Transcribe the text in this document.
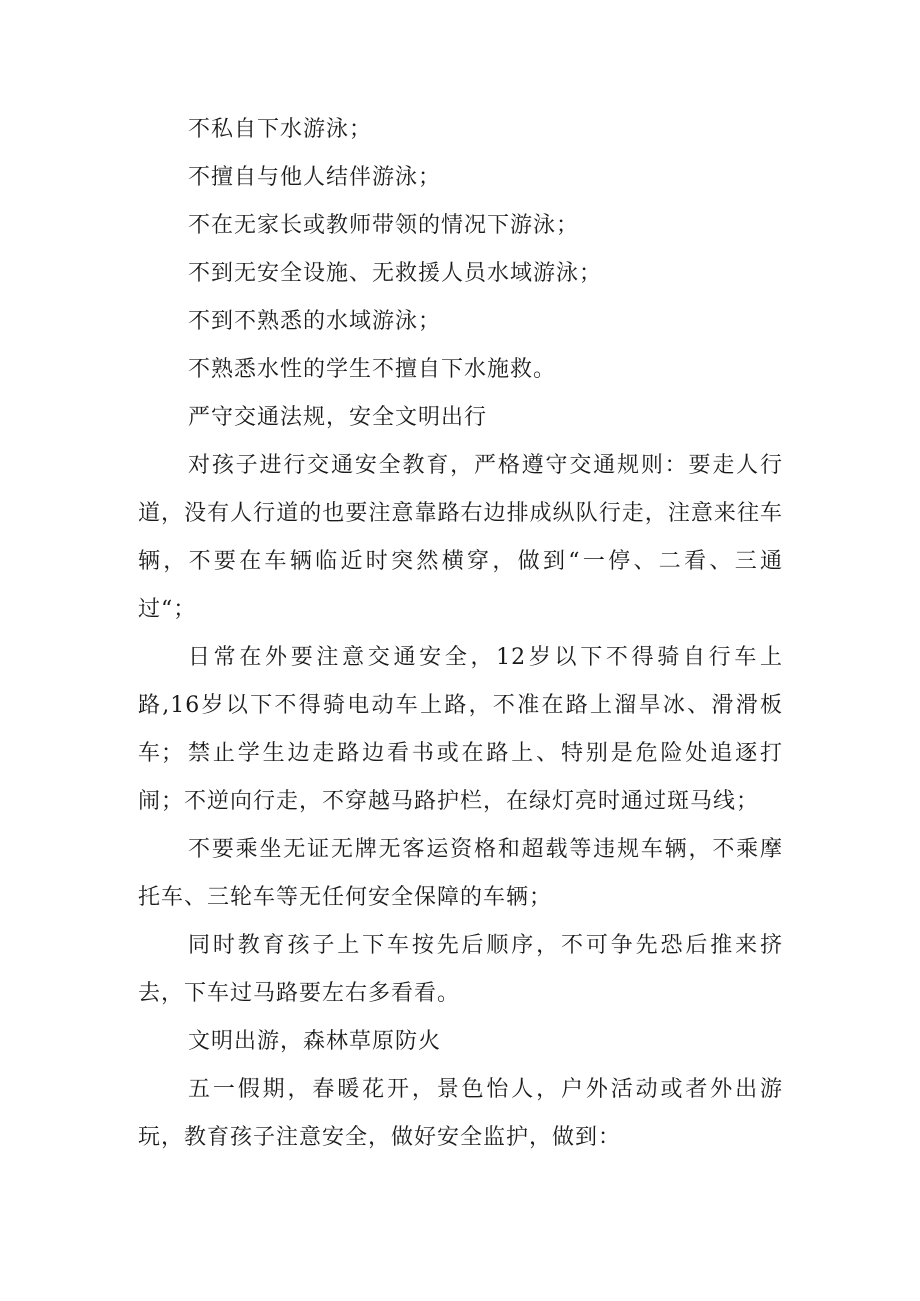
不私自下水游泳；

不擅自与他人结伴游泳；

不在无家长或教师带领的情况下游泳；

不到无安全设施、无救援人员水域游泳；

不到不熟悉的水域游泳；

不熟悉水性的学生不擅自下水施救。

严守交通法规，安全文明出行

对孩子进行交通安全教育，严格遵守交通规则：要走人行道，没有人行道的也要注意靠路右边排成纵队行走，注意来往车辆，不要在车辆临近时突然横穿，做到“一停、二看、三通过“；

日常在外要注意交通安全，12岁以下不得骑自行车上路,16岁以下不得骑电动车上路，不准在路上溜旱冰、滑滑板车； 禁止学生边走路边看书或在路上、特别是危险处追逐打闹；不逆向行走，不穿越马路护栏，在绿灯亮时通过斑马线；

不要乘坐无证无牌无客运资格和超载等违规车辆，不乘摩托车、三轮车等无任何安全保障的车辆；

同时教育孩子上下车按先后顺序，不可争先恐后推来挤去，下车过马路要左右多看看。

文明出游，森林草原防火

五一假期，春暖花开，景色怡人，户外活动或者外出游玩，教育孩子注意安全，做好安全监护，做到：
